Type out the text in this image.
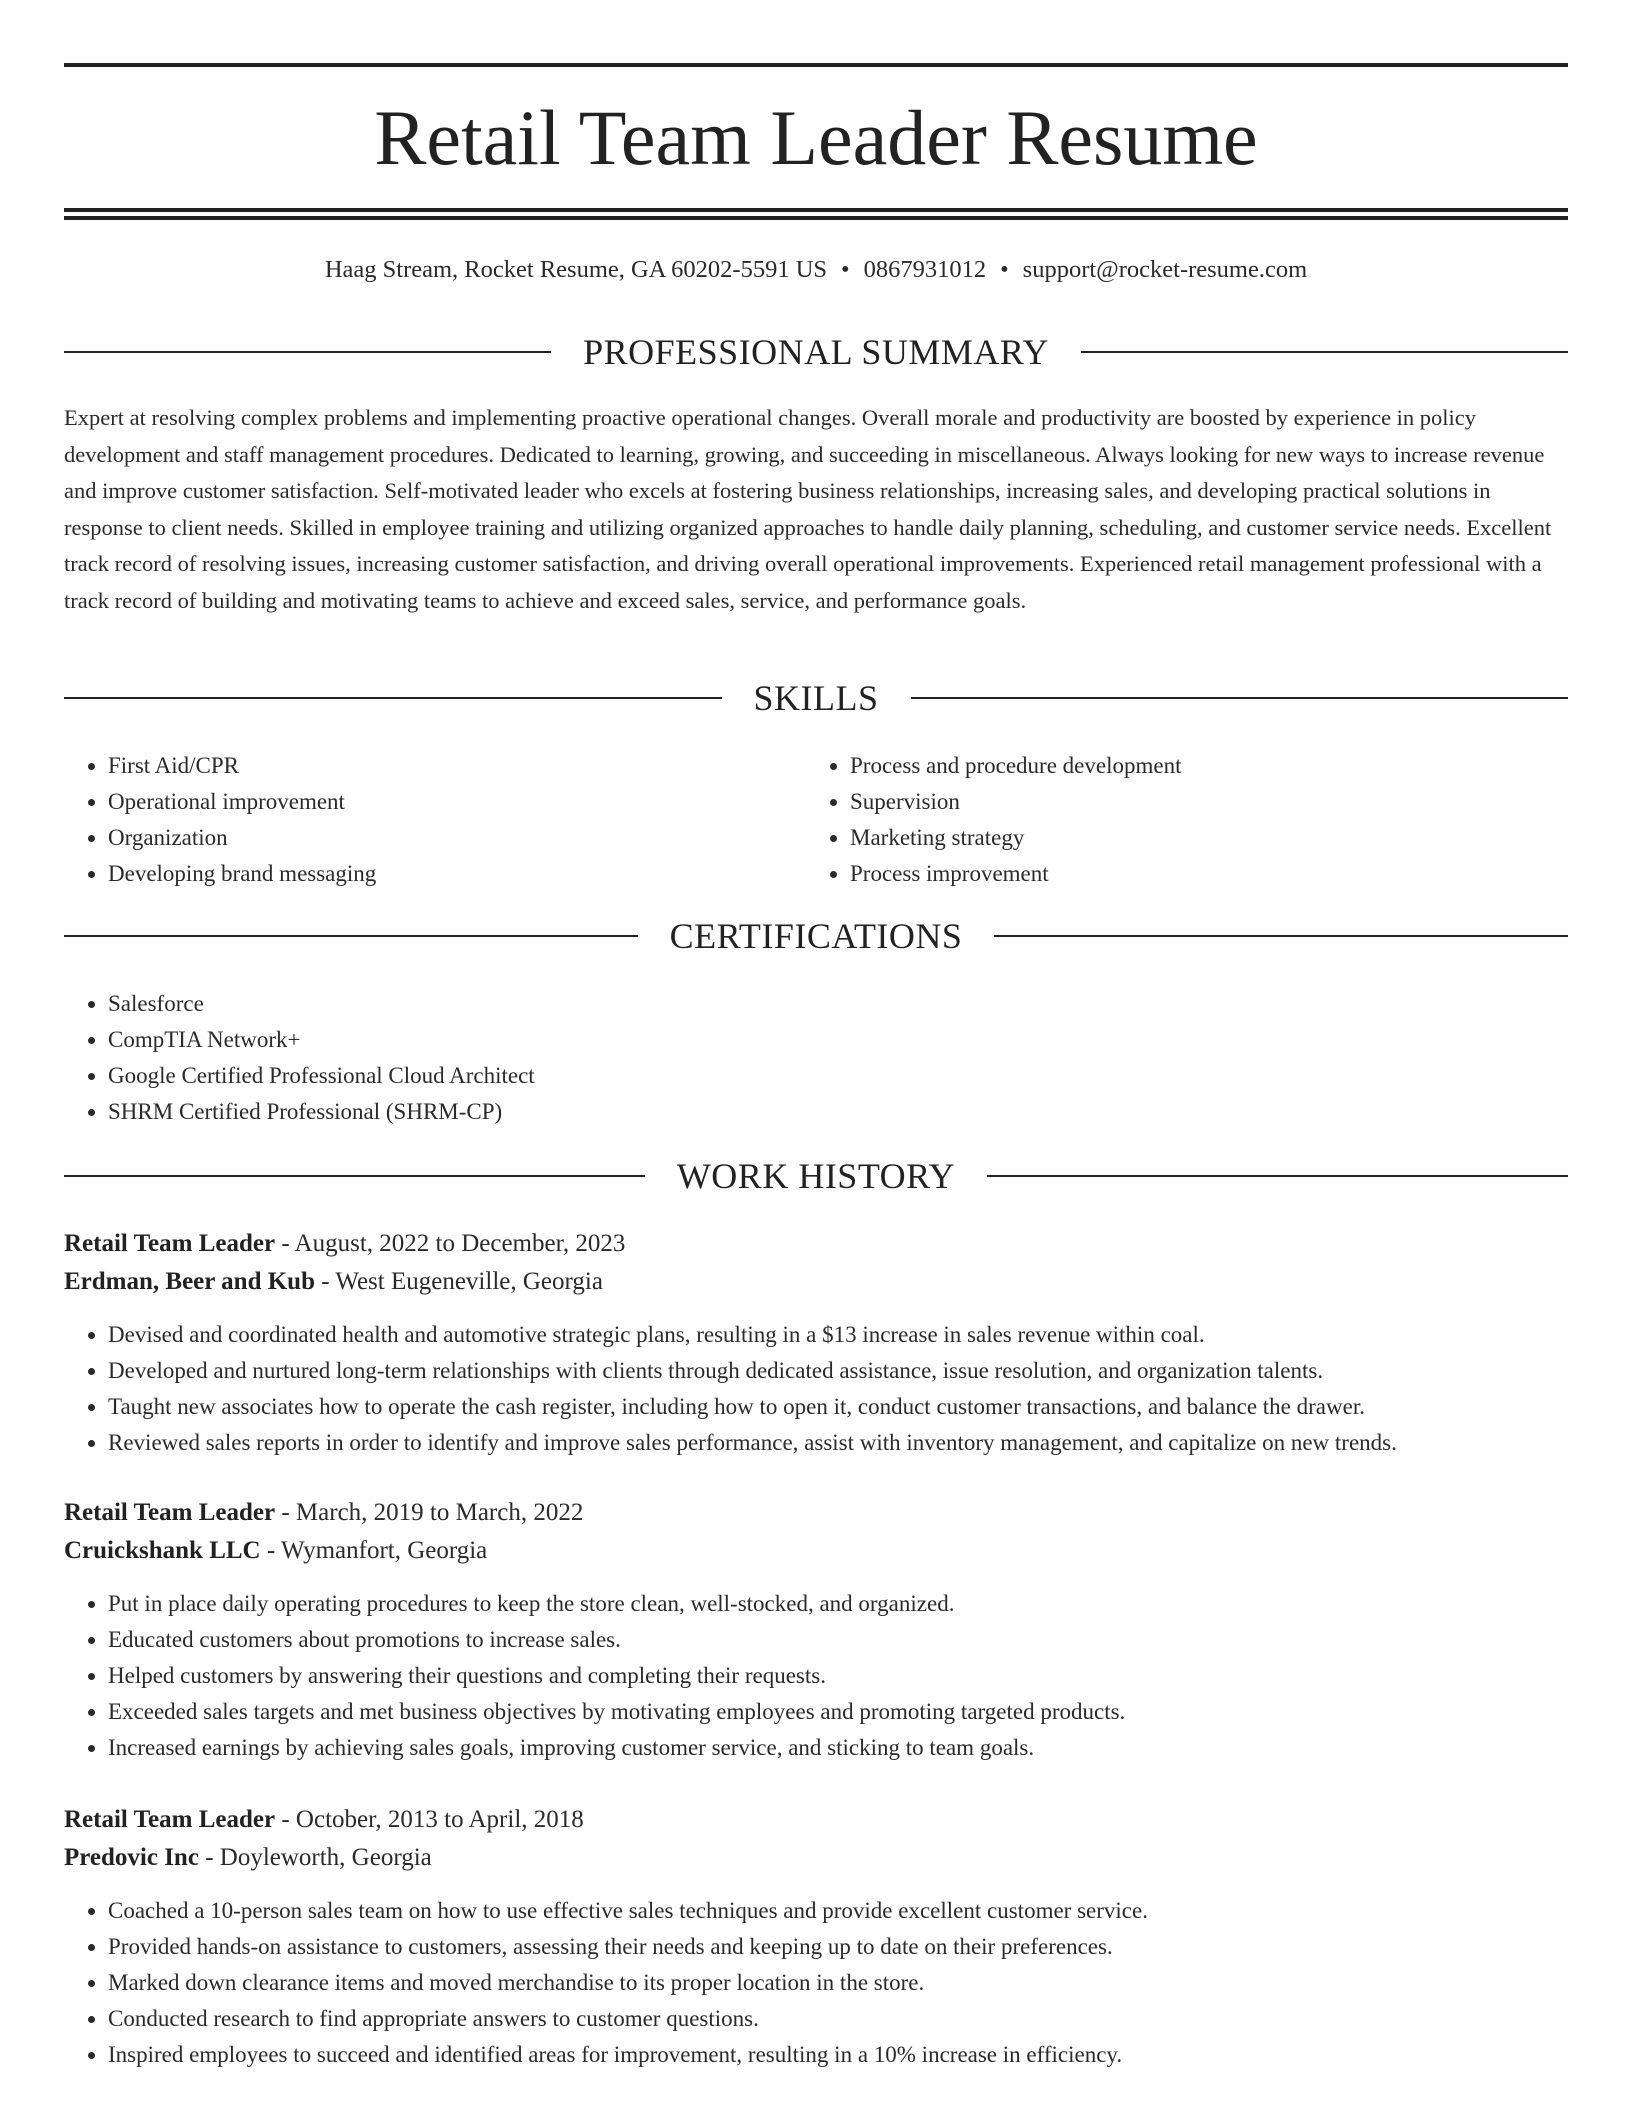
Retail Team Leader Resume
Haag Stream, Rocket Resume, GA 60202-5591 US • 0867931012 • support@rocket-resume.com
PROFESSIONAL SUMMARY

Expert at resolving complex problems and implementing proactive operational changes. Overall morale and productivity are boosted by experience in policy development and staff management procedures. Dedicated to learning, growing, and succeeding in miscellaneous. Always looking for new ways to increase revenue and improve customer satisfaction. Self-motivated leader who excels at fostering business relationships, increasing sales, and developing practical solutions in response to client needs. Skilled in employee training and utilizing organized approaches to handle daily planning, scheduling, and customer service needs. Excellent track record of resolving issues, increasing customer satisfaction, and driving overall operational improvements. Experienced retail management professional with a track record of building and motivating teams to achieve and exceed sales, service, and performance goals.

SKILLS
• First Aid/CPR
• Operational improvement
• Organization
• Developing brand messaging
• Process and procedure development
• Supervision
• Marketing strategy
• Process improvement
CERTIFICATIONS
• Salesforce
• CompTIA Network+
• Google Certified Professional Cloud Architect
• SHRM Certified Professional (SHRM-CP)
WORK HISTORY
Retail Team Leader - August, 2022 to December, 2023
Erdman, Beer and Kub - West Eugeneville, Georgia
• Devised and coordinated health and automotive strategic plans, resulting in a $13 increase in sales revenue within coal.
• Developed and nurtured long-term relationships with clients through dedicated assistance, issue resolution, and organization talents.
• Taught new associates how to operate the cash register, including how to open it, conduct customer transactions, and balance the drawer.
• Reviewed sales reports in order to identify and improve sales performance, assist with inventory management, and capitalize on new trends.
Retail Team Leader - March, 2019 to March, 2022
Cruickshank LLC - Wymanfort, Georgia
• Put in place daily operating procedures to keep the store clean, well-stocked, and organized.
• Educated customers about promotions to increase sales.
• Helped customers by answering their questions and completing their requests.
• Exceeded sales targets and met business objectives by motivating employees and promoting targeted products.
• Increased earnings by achieving sales goals, improving customer service, and sticking to team goals.
Retail Team Leader - October, 2013 to April, 2018
Predovic Inc - Doyleworth, Georgia
• Coached a 10-person sales team on how to use effective sales techniques and provide excellent customer service.
• Provided hands-on assistance to customers, assessing their needs and keeping up to date on their preferences.
• Marked down clearance items and moved merchandise to its proper location in the store.
• Conducted research to find appropriate answers to customer questions.
• Inspired employees to succeed and identified areas for improvement, resulting in a 10% increase in efficiency.
